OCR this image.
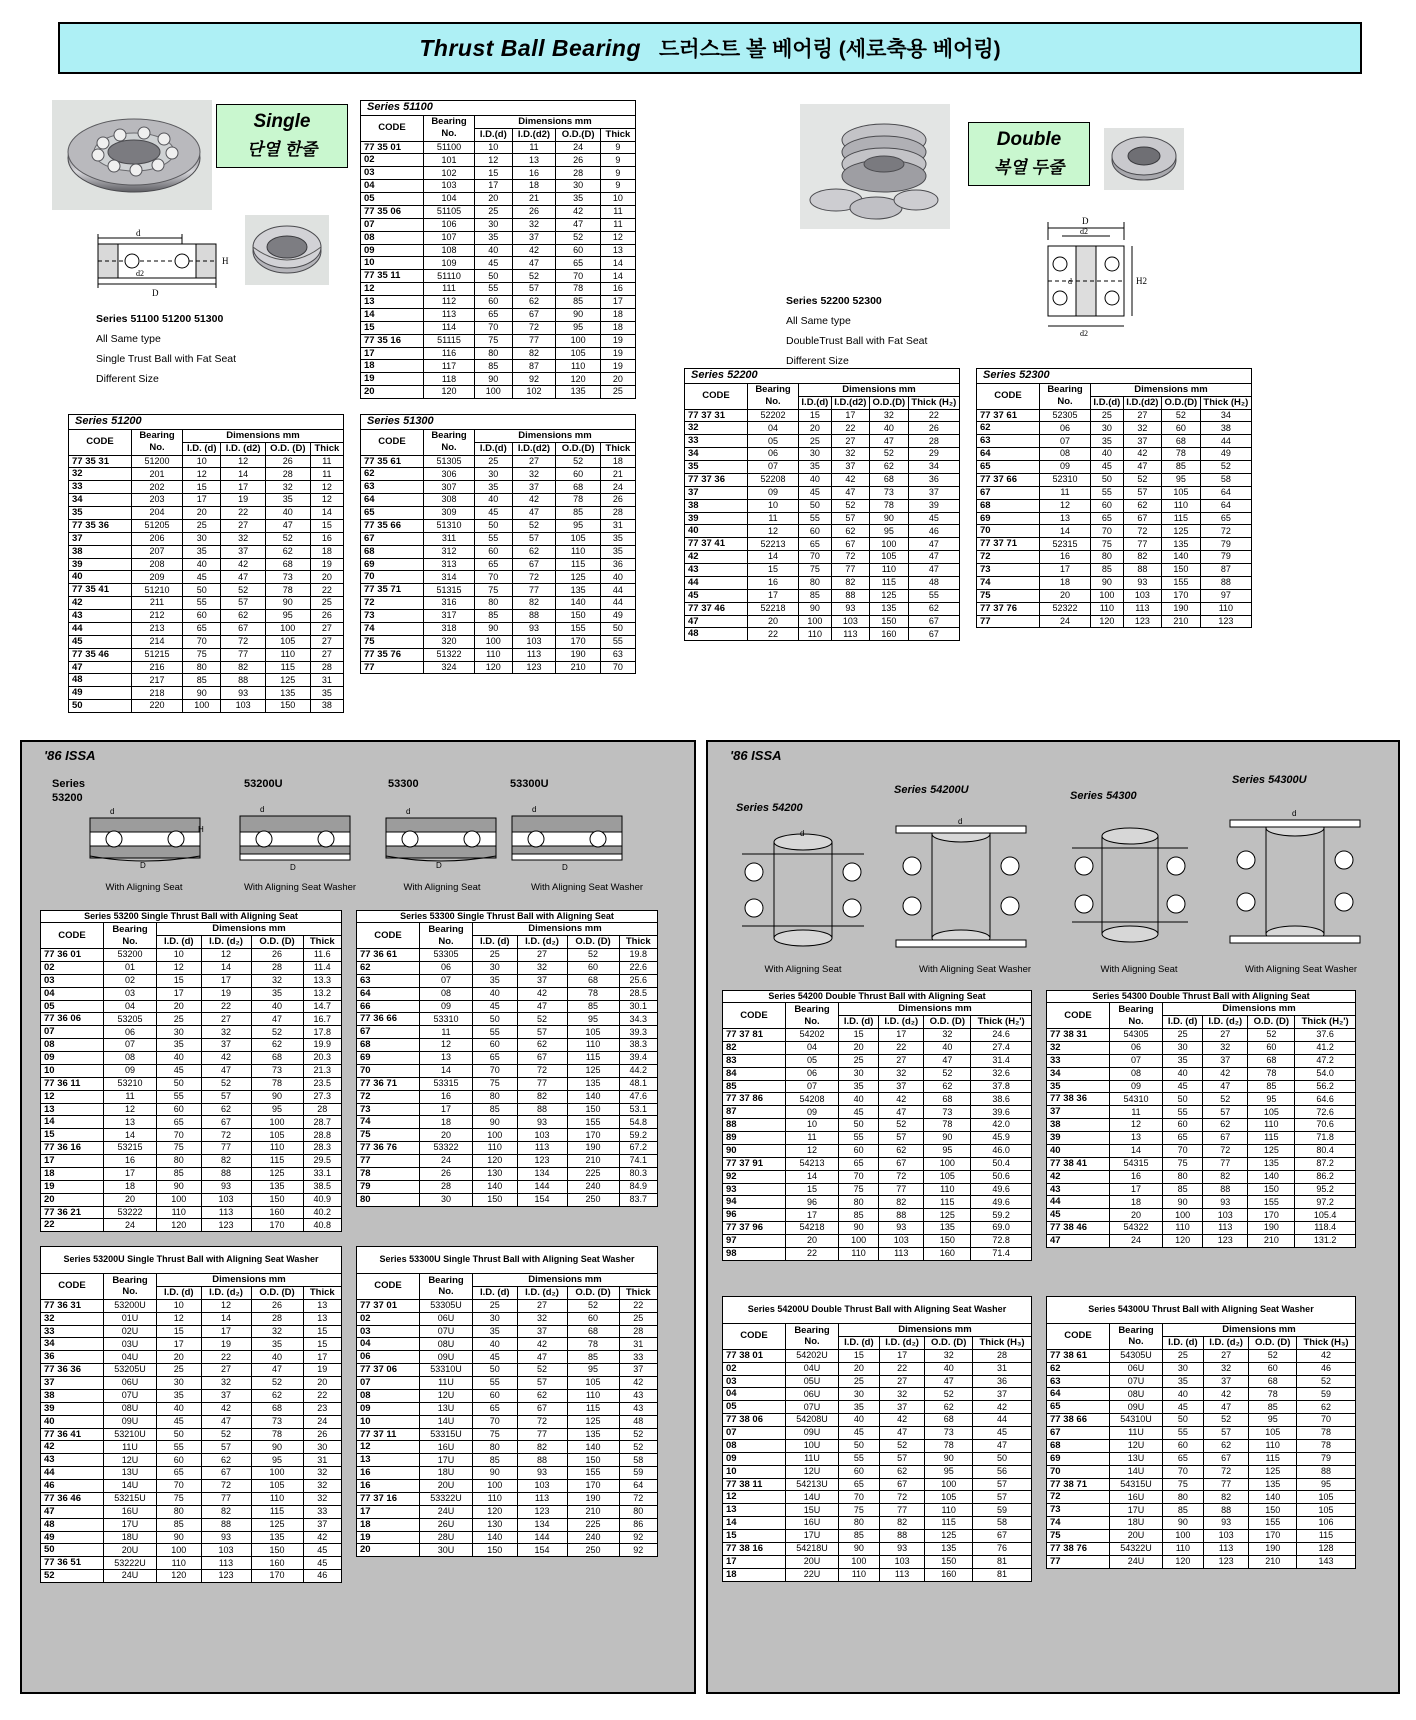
Thrust Ball Bearing 드러스트 볼 베어링 (세로축용 베어링)
Single
단열 한줄
d
D
d2
H
Series 51100 51200 51300
All Same type
Single Trust Ball with Fat Seat
Different Size
Double
복열 두줄
Series 52200 52300
All Same type
DoubleTrust Ball with Fat Seat
Different Size
D
d2
H2
d
d2
Series 51100					
CODE	Bearing No.	Dimensions mm			
		I.D.(d)	I.D.(d2)	O.D.(D)	Thick
77 35 01	51100	10	11	24	9
02	101	12	13	26	9
03	102	15	16	28	9
04	103	17	18	30	9
05	104	20	21	35	10
77 35 06	51105	25	26	42	11
07	106	30	32	47	11
08	107	35	37	52	12
09	108	40	42	60	13
10	109	45	47	65	14
77 35 11	51110	50	52	70	14
12	111	55	57	78	16
13	112	60	62	85	17
14	113	65	67	90	18
15	114	70	72	95	18
77 35 16	51115	75	77	100	19
17	116	80	82	105	19
18	117	85	87	110	19
19	118	90	92	120	20
20	120	100	102	135	25
Series 51200					
CODE	Bearing No.	Dimensions mm			
		I.D. (d)	I.D. (d2)	O.D. (D)	Thick
77 35 31	51200	10	12	26	11
32	201	12	14	28	11
33	202	15	17	32	12
34	203	17	19	35	12
35	204	20	22	40	14
77 35 36	51205	25	27	47	15
37	206	30	32	52	16
38	207	35	37	62	18
39	208	40	42	68	19
40	209	45	47	73	20
77 35 41	51210	50	52	78	22
42	211	55	57	90	25
43	212	60	62	95	26
44	213	65	67	100	27
45	214	70	72	105	27
77 35 46	51215	75	77	110	27
47	216	80	82	115	28
48	217	85	88	125	31
49	218	90	93	135	35
50	220	100	103	150	38
Series 51300					
CODE	Bearing No.	Dimensions mm			
		I.D.(d)	I.D.(d2)	O.D.(D)	Thick
77 35 61	51305	25	27	52	18
62	306	30	32	60	21
63	307	35	37	68	24
64	308	40	42	78	26
65	309	45	47	85	28
77 35 66	51310	50	52	95	31
67	311	55	57	105	35
68	312	60	62	110	35
69	313	65	67	115	36
70	314	70	72	125	40
77 35 71	51315	75	77	135	44
72	316	80	82	140	44
73	317	85	88	150	49
74	318	90	93	155	50
75	320	100	103	170	55
77 35 76	51322	110	113	190	63
77	324	120	123	210	70
Series 52200					
CODE	Bearing No.	Dimensions mm			
		I.D.(d)	I.D.(d2)	O.D.(D)	Thick (H₂)
77 37 31	52202	15	17	32	22
32	04	20	22	40	26
33	05	25	27	47	28
34	06	30	32	52	29
35	07	35	37	62	34
77 37 36	52208	40	42	68	36
37	09	45	47	73	37
38	10	50	52	78	39
39	11	55	57	90	45
40	12	60	62	95	46
77 37 41	52213	65	67	100	47
42	14	70	72	105	47
43	15	75	77	110	47
44	16	80	82	115	48
45	17	85	88	125	55
77 37 46	52218	90	93	135	62
47	20	100	103	150	67
48	22	110	113	160	67
Series 52300					
CODE	Bearing No.	Dimensions mm			
		I.D.(d)	I.D.(d2)	O.D.(D)	Thick (H₂)
77 37 61	52305	25	27	52	34
62	06	30	32	60	38
63	07	35	37	68	44
64	08	40	42	78	49
65	09	45	47	85	52
77 37 66	52310	50	52	95	58
67	11	55	57	105	64
68	12	60	62	110	64
69	13	65	67	115	65
70	14	70	72	125	72
77 37 71	52315	75	77	135	79
72	16	80	82	140	79
73	17	85	88	150	87
74	18	90	93	155	88
75	20	100	103	170	97
77 37 76	52322	110	113	190	110
77	24	120	123	210	123
'86 ISSA
Series
53200
53200U	53300	53300U
d
D
H
d
D
d
D
d
D
With Aligning Seat	With Aligning Seat Washer	With Aligning Seat	With Aligning Seat Washer
Series 53200 Single Thrust Ball with Aligning Seat					
CODE	Bearing No.	Dimensions mm			
		I.D. (d)	I.D. (d₂)	O.D. (D)	Thick
77 36 01	53200	10	12	26	11.6
02	01	12	14	28	11.4
03	02	15	17	32	13.3
04	03	17	19	35	13.2
05	04	20	22	40	14.7
77 36 06	53205	25	27	47	16.7
07	06	30	32	52	17.8
08	07	35	37	62	19.9
09	08	40	42	68	20.3
10	09	45	47	73	21.3
77 36 11	53210	50	52	78	23.5
12	11	55	57	90	27.3
13	12	60	62	95	28
14	13	65	67	100	28.7
15	14	70	72	105	28.8
77 36 16	53215	75	77	110	28.3
17	16	80	82	115	29.5
18	17	85	88	125	33.1
19	18	90	93	135	38.5
20	20	100	103	150	40.9
77 36 21	53222	110	113	160	40.2
22	24	120	123	170	40.8
Series 53300 Single Thrust Ball with Aligning Seat					
CODE	Bearing No.	Dimensions mm			
		I.D. (d)	I.D. (d₂)	O.D. (D)	Thick
77 36 61	53305	25	27	52	19.8
62	06	30	32	60	22.6
63	07	35	37	68	25.6
64	08	40	42	78	28.5
66	09	45	47	85	30.1
77 36 66	53310	50	52	95	34.3
67	11	55	57	105	39.3
68	12	60	62	110	38.3
69	13	65	67	115	39.4
70	14	70	72	125	44.2
77 36 71	53315	75	77	135	48.1
72	16	80	82	140	47.6
73	17	85	88	150	53.1
74	18	90	93	155	54.8
75	20	100	103	170	59.2
77 36 76	53322	110	113	190	67.2
77	24	120	123	210	74.1
78	26	130	134	225	80.3
79	28	140	144	240	84.9
80	30	150	154	250	83.7
Series 53200U Single Thrust Ball with Aligning Seat Washer					
CODE	Bearing No.	Dimensions mm			
		I.D. (d)	I.D. (d₂)	O.D. (D)	Thick
77 36 31	53200U	10	12	26	13
32	01U	12	14	28	13
33	02U	15	17	32	15
34	03U	17	19	35	15
36	04U	20	22	40	17
77 36 36	53205U	25	27	47	19
37	06U	30	32	52	20
38	07U	35	37	62	22
39	08U	40	42	68	23
40	09U	45	47	73	24
77 36 41	53210U	50	52	78	26
42	11U	55	57	90	30
43	12U	60	62	95	31
44	13U	65	67	100	32
46	14U	70	72	105	32
77 36 46	53215U	75	77	110	32
47	16U	80	82	115	33
48	17U	85	88	125	37
49	18U	90	93	135	42
50	20U	100	103	150	45
77 36 51	53222U	110	113	160	45
52	24U	120	123	170	46
Series 53300U Single Thrust Ball with Aligning Seat Washer					
CODE	Bearing No.	Dimensions mm			
		I.D. (d)	I.D. (d₂)	O.D. (D)	Thick
77 37 01	53305U	25	27	52	22
02	06U	30	32	60	25
03	07U	35	37	68	28
04	08U	40	42	78	31
06	09U	45	47	85	33
77 37 06	53310U	50	52	95	37
07	11U	55	57	105	42
08	12U	60	62	110	43
09	13U	65	67	115	43
10	14U	70	72	125	48
77 37 11	53315U	75	77	135	52
12	16U	80	82	140	52
13	17U	85	88	150	58
16	18U	90	93	155	59
16	20U	100	103	170	64
77 37 16	53322U	110	113	190	72
17	24U	120	123	210	80
18	26U	130	134	225	86
19	28U	140	144	240	92
20	30U	150	154	250	92
'86 ISSA
Series 54200
Series 54200U	Series 54300
Series 54300U
d
d
d
With Aligning Seat	With Aligning Seat Washer	With Aligning Seat	With Aligning Seat Washer
Series 54200 Double Thrust Ball with Aligning Seat					
CODE	Bearing No.	Dimensions mm			
		I.D. (d)	I.D. (d₂)	O.D. (D)	Thick (H₂')
77 37 81	54202	15	17	32	24.6
82	04	20	22	40	27.4
83	05	25	27	47	31.4
84	06	30	32	52	32.6
85	07	35	37	62	37.8
77 37 86	54208	40	42	68	38.6
87	09	45	47	73	39.6
88	10	50	52	78	42.0
89	11	55	57	90	45.9
90	12	60	62	95	46.0
77 37 91	54213	65	67	100	50.4
92	14	70	72	105	50.6
93	15	75	77	110	49.6
94	96	80	82	115	49.6
96	17	85	88	125	59.2
77 37 96	54218	90	93	135	69.0
97	20	100	103	150	72.8
98	22	110	113	160	71.4
Series 54300 Double Thrust Ball with Aligning Seat					
CODE	Bearing No.	Dimensions mm			
		I.D. (d)	I.D. (d₂)	O.D. (D)	Thick (H₂')
77 38 31	54305	25	27	52	37.6
32	06	30	32	60	41.2
33	07	35	37	68	47.2
34	08	40	42	78	54.0
35	09	45	47	85	56.2
77 38 36	54310	50	52	95	64.6
37	11	55	57	105	72.6
38	12	60	62	110	70.6
39	13	65	67	115	71.8
40	14	70	72	125	80.4
77 38 41	54315	75	77	135	87.2
42	16	80	82	140	86.2
43	17	85	88	150	95.2
44	18	90	93	155	97.2
45	20	100	103	170	105.4
77 38 46	54322	110	113	190	118.4
47	24	120	123	210	131.2
Series 54200U Double Thrust Ball with Aligning Seat Washer					
CODE	Bearing No.	Dimensions mm			
		I.D. (d)	I.D. (d₂)	O.D. (D)	Thick (H₃)
77 38 01	54202U	15	17	32	28
02	04U	20	22	40	31
03	05U	25	27	47	36
04	06U	30	32	52	37
05	07U	35	37	62	42
77 38 06	54208U	40	42	68	44
07	09U	45	47	73	45
08	10U	50	52	78	47
09	11U	55	57	90	50
10	12U	60	62	95	56
77 38 11	54213U	65	67	100	57
12	14U	70	72	105	57
13	15U	75	77	110	59
14	16U	80	82	115	58
15	17U	85	88	125	67
77 38 16	54218U	90	93	135	76
17	20U	100	103	150	81
18	22U	110	113	160	81
Series 54300U Thrust Ball with Aligning Seat Washer					
CODE	Bearing No.	Dimensions mm			
		I.D. (d)	I.D. (d₂)	O.D. (D)	Thick (H₃)
77 38 61	54305U	25	27	52	42
62	06U	30	32	60	46
63	07U	35	37	68	52
64	08U	40	42	78	59
65	09U	45	47	85	62
77 38 66	54310U	50	52	95	70
67	11U	55	57	105	78
68	12U	60	62	110	78
69	13U	65	67	115	79
70	14U	70	72	125	88
77 38 71	54315U	75	77	135	95
72	16U	80	82	140	105
73	17U	85	88	150	105
74	18U	90	93	155	106
75	20U	100	103	170	115
77 38 76	54322U	110	113	190	128
77	24U	120	123	210	143
